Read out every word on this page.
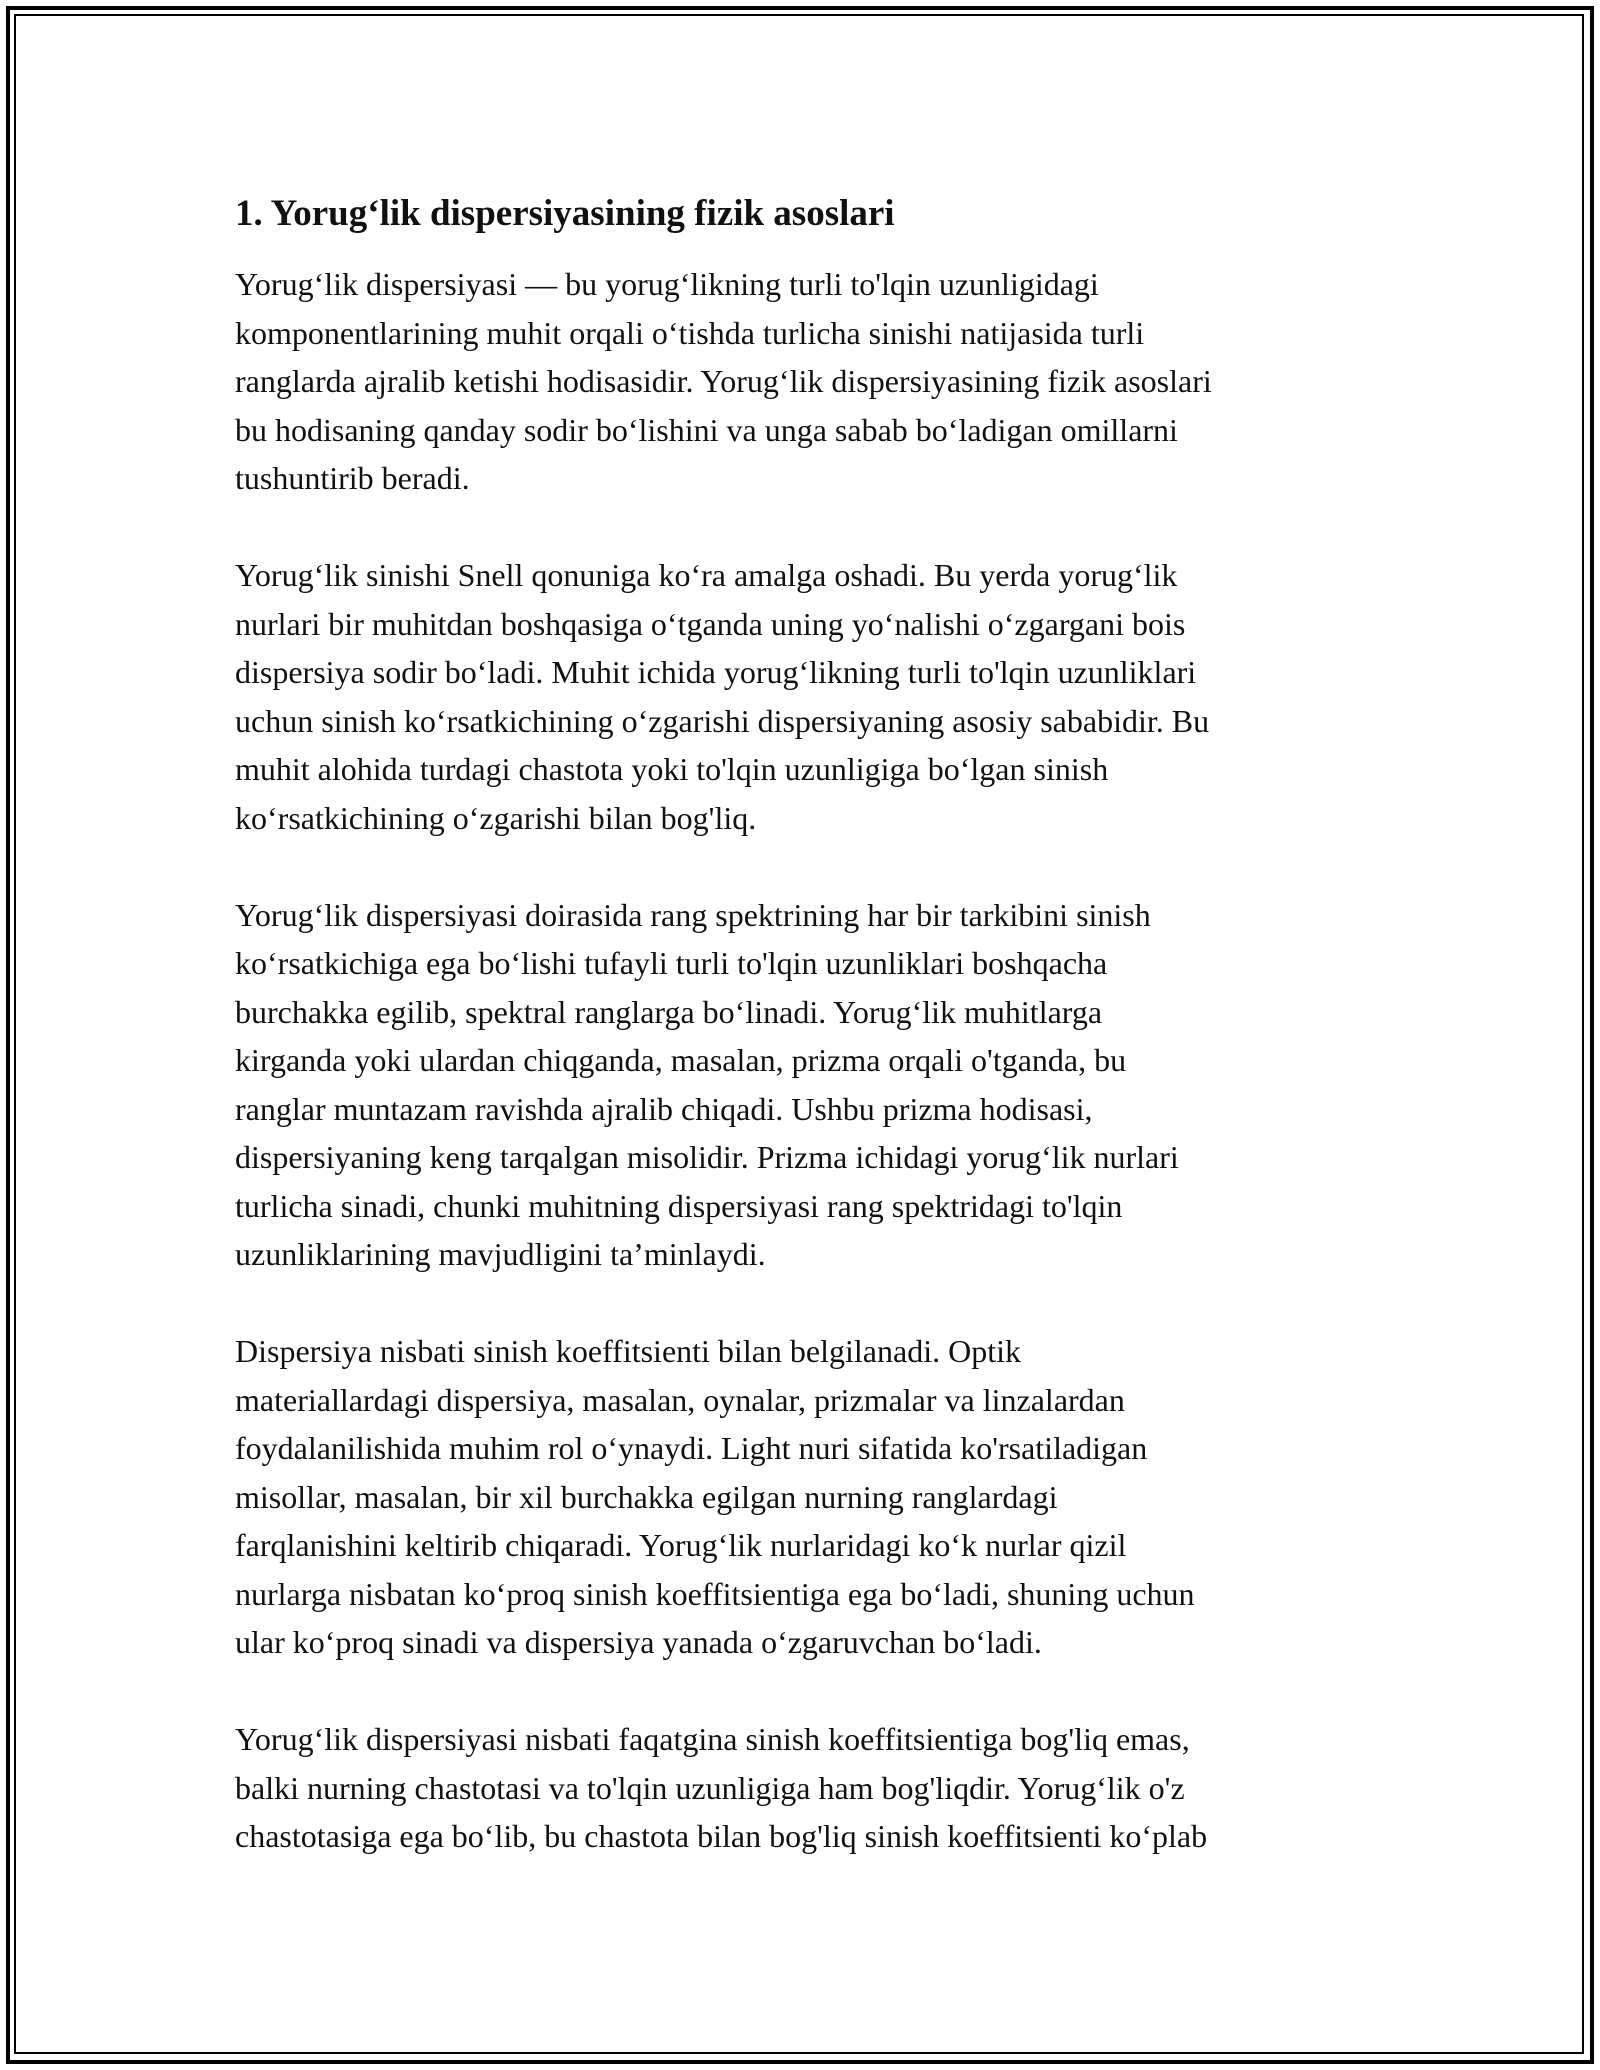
1. Yorug‘lik dispersiyasining fizik asoslari

Yorug‘lik dispersiyasi — bu yorug‘likning turli to'lqin uzunligidagi
komponentlarining muhit orqali o‘tishda turlicha sinishi natijasida turli
ranglarda ajralib ketishi hodisasidir. Yorug‘lik dispersiyasining fizik asoslari
bu hodisaning qanday sodir bo‘lishini va unga sabab bo‘ladigan omillarni
tushuntirib beradi.

Yorug‘lik sinishi Snell qonuniga ko‘ra amalga oshadi. Bu yerda yorug‘lik
nurlari bir muhitdan boshqasiga o‘tganda uning yo‘nalishi o‘zgargani bois
dispersiya sodir bo‘ladi. Muhit ichida yorug‘likning turli to'lqin uzunliklari
uchun sinish ko‘rsatkichining o‘zgarishi dispersiyaning asosiy sababidir. Bu
muhit alohida turdagi chastota yoki to'lqin uzunligiga bo‘lgan sinish
ko‘rsatkichining o‘zgarishi bilan bog'liq.

Yorug‘lik dispersiyasi doirasida rang spektrining har bir tarkibini sinish
ko‘rsatkichiga ega bo‘lishi tufayli turli to'lqin uzunliklari boshqacha
burchakka egilib, spektral ranglarga bo‘linadi. Yorug‘lik muhitlarga
kirganda yoki ulardan chiqganda, masalan, prizma orqali o'tganda, bu
ranglar muntazam ravishda ajralib chiqadi. Ushbu prizma hodisasi,
dispersiyaning keng tarqalgan misolidir. Prizma ichidagi yorug‘lik nurlari
turlicha sinadi, chunki muhitning dispersiyasi rang spektridagi to'lqin
uzunliklarining mavjudligini ta’minlaydi.

Dispersiya nisbati sinish koeffitsienti bilan belgilanadi. Optik
materiallardagi dispersiya, masalan, oynalar, prizmalar va linzalardan
foydalanilishida muhim rol o‘ynaydi. Light nuri sifatida ko'rsatiladigan
misollar, masalan, bir xil burchakka egilgan nurning ranglardagi
farqlanishini keltirib chiqaradi. Yorug‘lik nurlaridagi ko‘k nurlar qizil
nurlarga nisbatan ko‘proq sinish koeffitsientiga ega bo‘ladi, shuning uchun
ular ko‘proq sinadi va dispersiya yanada o‘zgaruvchan bo‘ladi.

Yorug‘lik dispersiyasi nisbati faqatgina sinish koeffitsientiga bog'liq emas,
balki nurning chastotasi va to'lqin uzunligiga ham bog'liqdir. Yorug‘lik o'z
chastotasiga ega bo‘lib, bu chastota bilan bog'liq sinish koeffitsienti ko‘plab
